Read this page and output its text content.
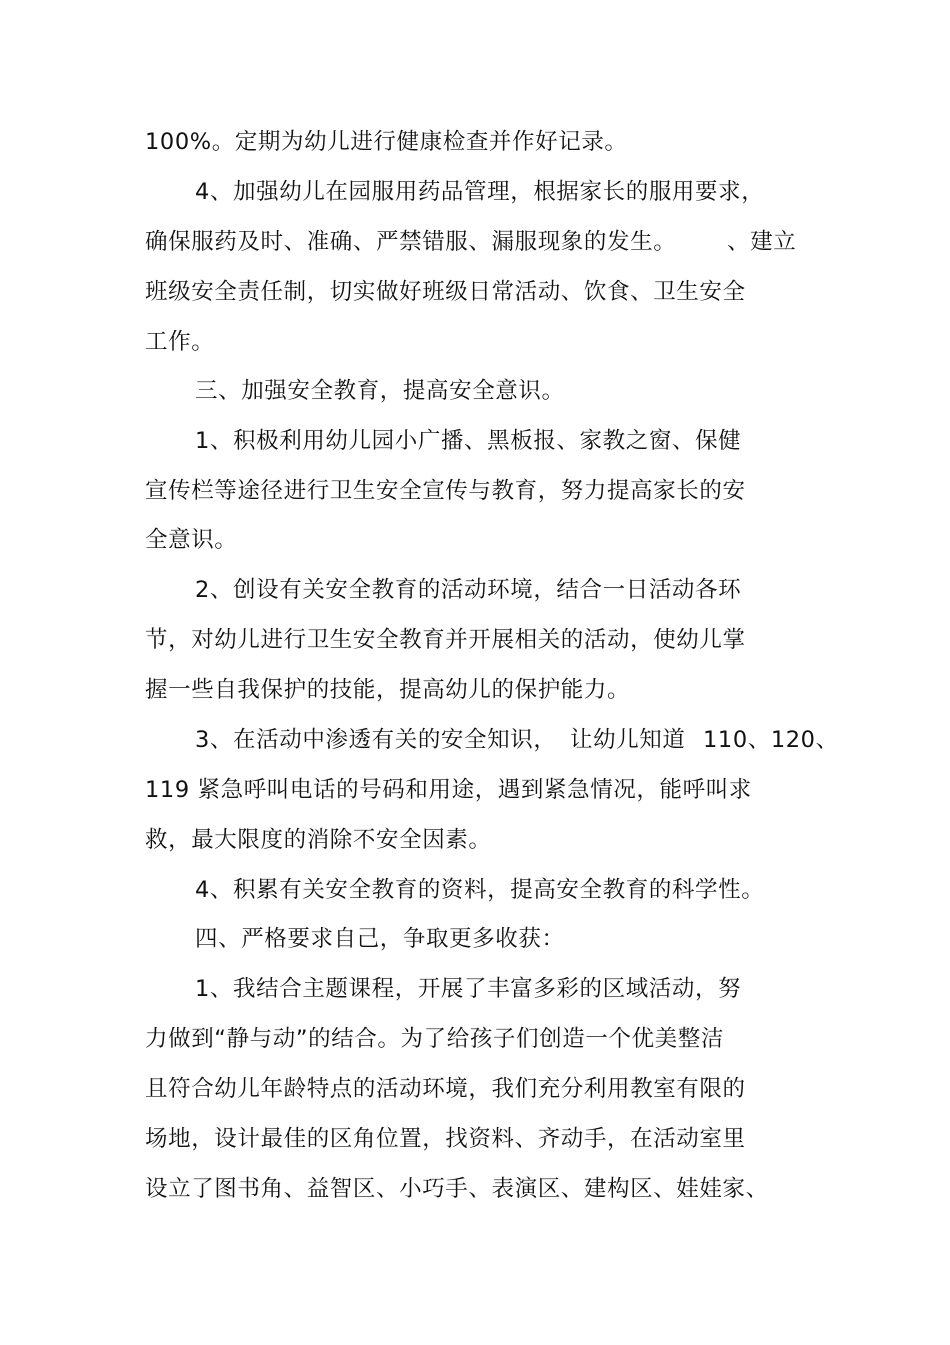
100%。定期为幼儿进行健康检查并作好记录。
4、加强幼儿在园服用药品管理，根据家长的服用要求，
确保服药及时、准确、严禁错服、漏服现象的发生。 、建立
班级安全责任制，切实做好班级日常活动、饮食、卫生安全
工作。
三、加强安全教育，提高安全意识。
1、积极利用幼儿园小广播、黑板报、家教之窗、保健
宣传栏等途径进行卫生安全宣传与教育，努力提高家长的安
全意识。
2、创设有关安全教育的活动环境，结合一日活动各环
节，对幼儿进行卫生安全教育并开展相关的活动，使幼儿掌
握一些自我保护的技能，提高幼儿的保护能力。
3、在活动中渗透有关的安全知识， 让幼儿知道 110、120、
119 紧急呼叫电话的号码和用途，遇到紧急情况，能呼叫求
救，最大限度的消除不安全因素。
4、积累有关安全教育的资料，提高安全教育的科学性。
四、严格要求自己，争取更多收获：
1、我结合主题课程，开展了丰富多彩的区域活动，努
力做到“静与动”的结合。为了给孩子们创造一个优美整洁
且符合幼儿年龄特点的活动环境，我们充分利用教室有限的
场地，设计最佳的区角位置，找资料、齐动手，在活动室里
设立了图书角、益智区、小巧手、表演区、建构区、娃娃家、
